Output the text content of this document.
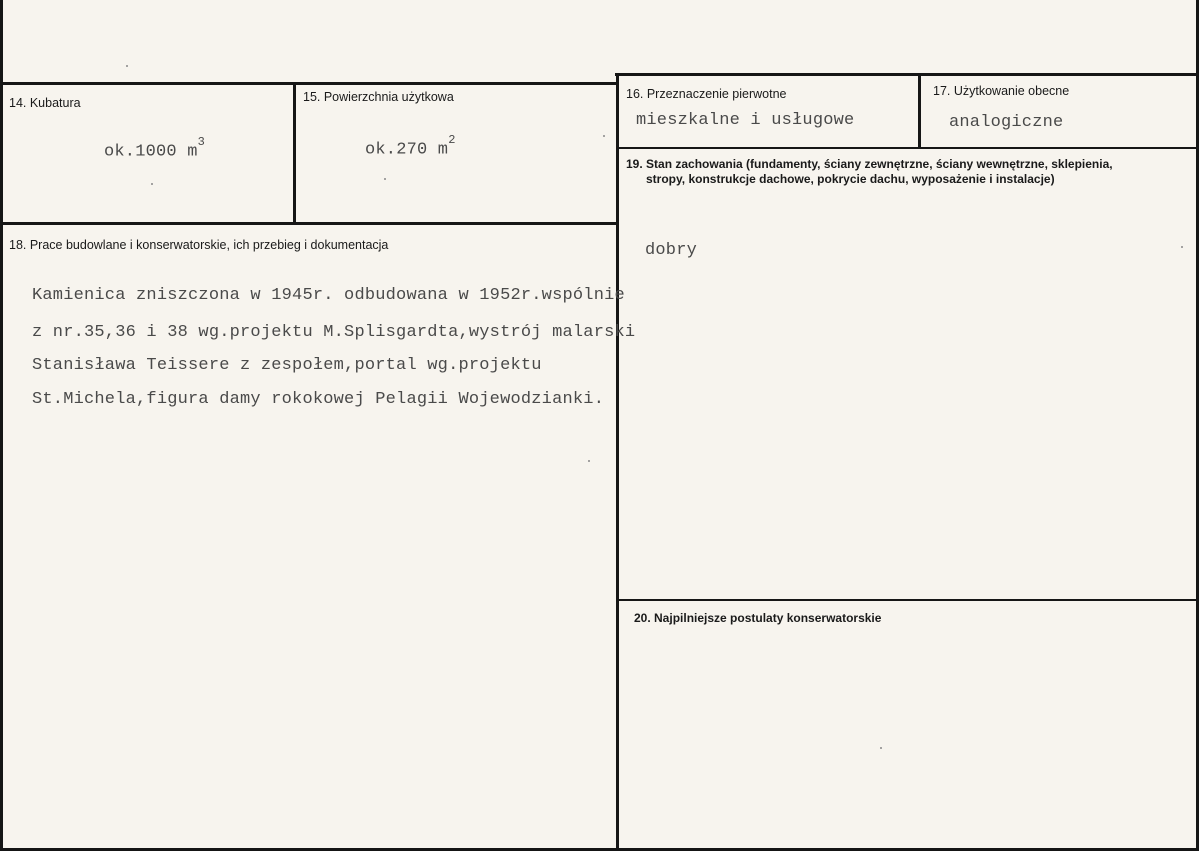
14. Kubatura
ok.1000 $m^3$
15. Powierzchnia użytkowa
ok.270 $m^2$
16. Przeznaczenie pierwotne
mieszkalne i usługowe
17. Użytkowanie obecne
analogiczne
19. Stan zachowania (fundamenty, ściany zewnętrzne, ściany wewnętrzne, sklepienia,
stropy, konstrukcje dachowe, pokrycie dachu, wyposażenie i instalacje)
dobry
18. Prace budowlane i konserwatorskie, ich przebieg i dokumentacja
Kamienica zniszczona w 1945r. odbudowana w 1952r.wspólnie
z nr.35,36 i 38 wg.projektu M.Splisgardta,wystrój malarski
Stanisława Teissere z zespołem,portal wg.projektu
St.Michela,figura damy rokokowej Pelagii Wojewodzianki.
20. Najpilniejsze postulaty konserwatorskie
